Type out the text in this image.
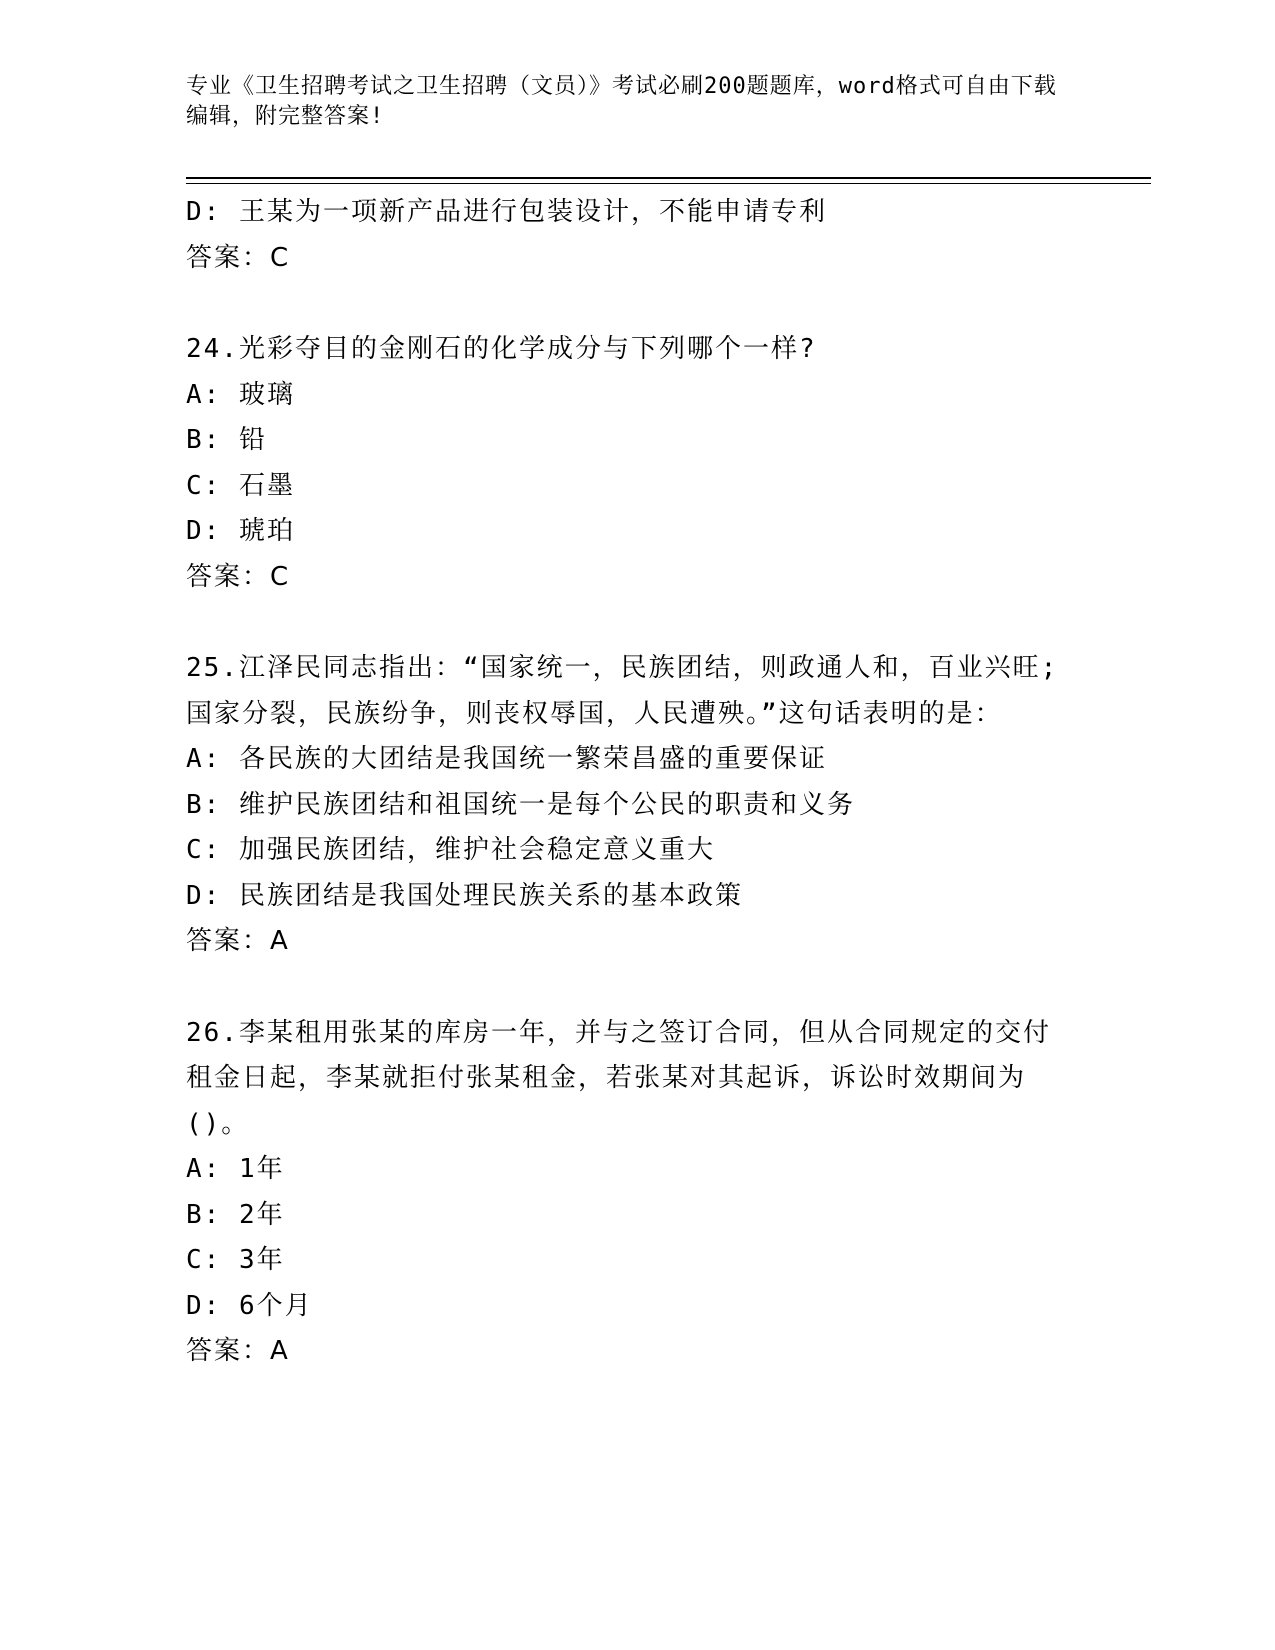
专业《卫生招聘考试之卫生招聘（文员）》考试必刷200题题库，word格式可自由下载编辑，附完整答案!
D: 王某为一项新产品进行包装设计，不能申请专利
答案：C
24.光彩夺目的金刚石的化学成分与下列哪个一样?
A: 玻璃
B: 铅
C: 石墨
D: 琥珀
答案：C
25.江泽民同志指出：“国家统一，民族团结，则政通人和，百业兴旺;国家分裂，民族纷争，则丧权辱国，人民遭殃。”这句话表明的是：
A: 各民族的大团结是我国统一繁荣昌盛的重要保证
B: 维护民族团结和祖国统一是每个公民的职责和义务
C: 加强民族团结，维护社会稳定意义重大
D: 民族团结是我国处理民族关系的基本政策
答案：A
26.李某租用张某的库房一年，并与之签订合同，但从合同规定的交付租金日起，李某就拒付张某租金，若张某对其起诉，诉讼时效期间为()。
A: 1年
B: 2年
C: 3年
D: 6个月
答案：A
